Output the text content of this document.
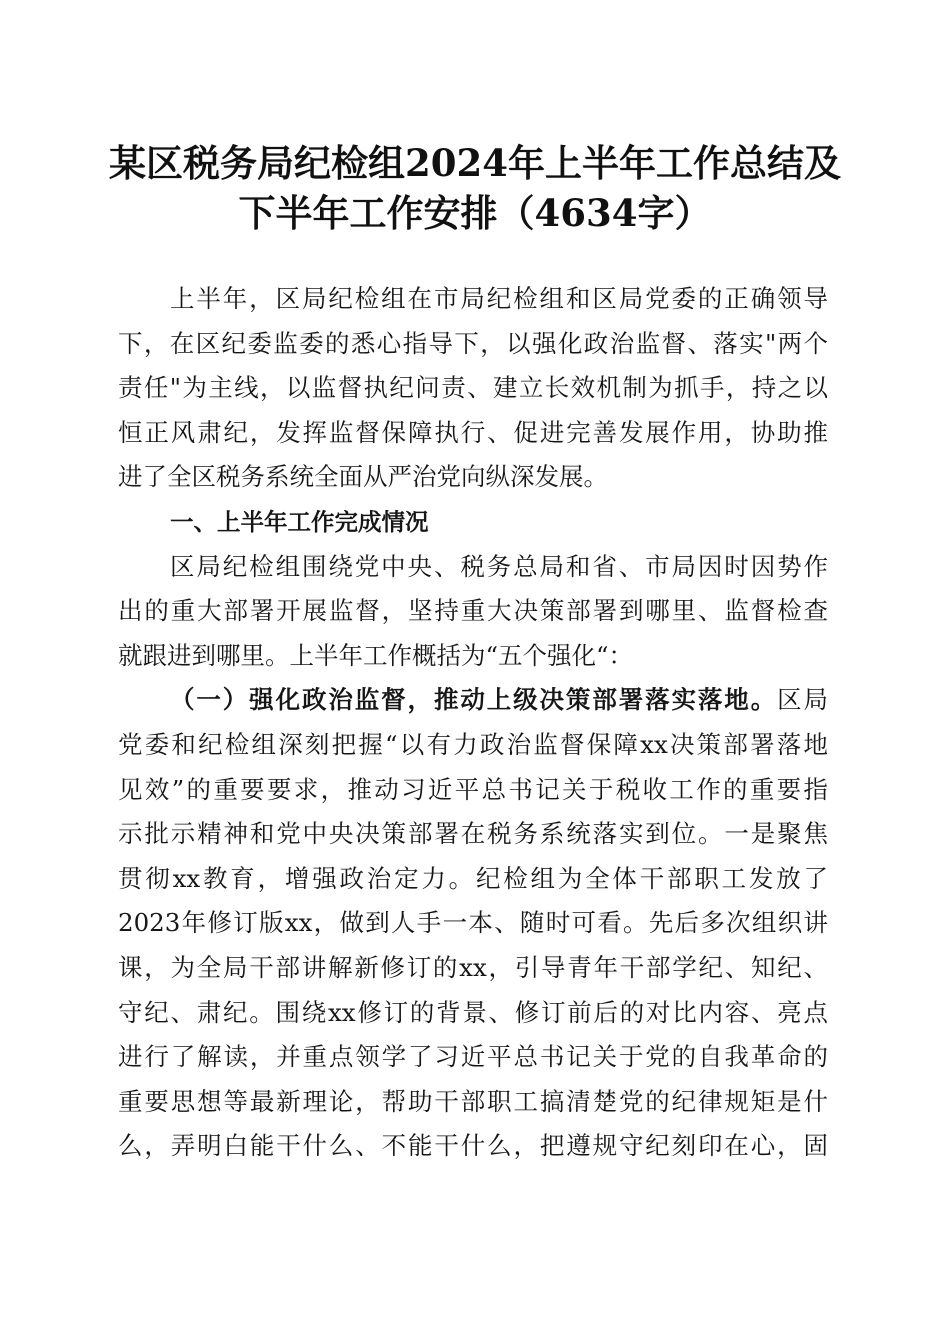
某区税务局纪检组2024年上半年工作总结及
下半年工作安排（4634字）
上半年，区局纪检组在市局纪检组和区局党委的正确领导
下，在区纪委监委的悉心指导下，以强化政治监督、落实"两个
责任"为主线，以监督执纪问责、建立长效机制为抓手，持之以
恒正风肃纪，发挥监督保障执行、促进完善发展作用，协助推
进了全区税务系统全面从严治党向纵深发展。
一、上半年工作完成情况
区局纪检组围绕党中央、税务总局和省、市局因时因势作
出的重大部署开展监督，坚持重大决策部署到哪里、监督检查
就跟进到哪里。上半年工作概括为“五个强化“：
（一）强化政治监督，推动上级决策部署落实落地。区局
党委和纪检组深刻把握“以有力政治监督保障xx决策部署落地
见效”的重要要求，推动习近平总书记关于税收工作的重要指
示批示精神和党中央决策部署在税务系统落实到位。一是聚焦
贯彻xx教育，增强政治定力。纪检组为全体干部职工发放了
2023年修订版xx，做到人手一本、随时可看。先后多次组织讲
课，为全局干部讲解新修订的xx，引导青年干部学纪、知纪、
守纪、肃纪。围绕xx修订的背景、修订前后的对比内容、亮点
进行了解读，并重点领学了习近平总书记关于党的自我革命的
重要思想等最新理论，帮助干部职工搞清楚党的纪律规矩是什
么，弄明白能干什么、不能干什么，把遵规守纪刻印在心，固
